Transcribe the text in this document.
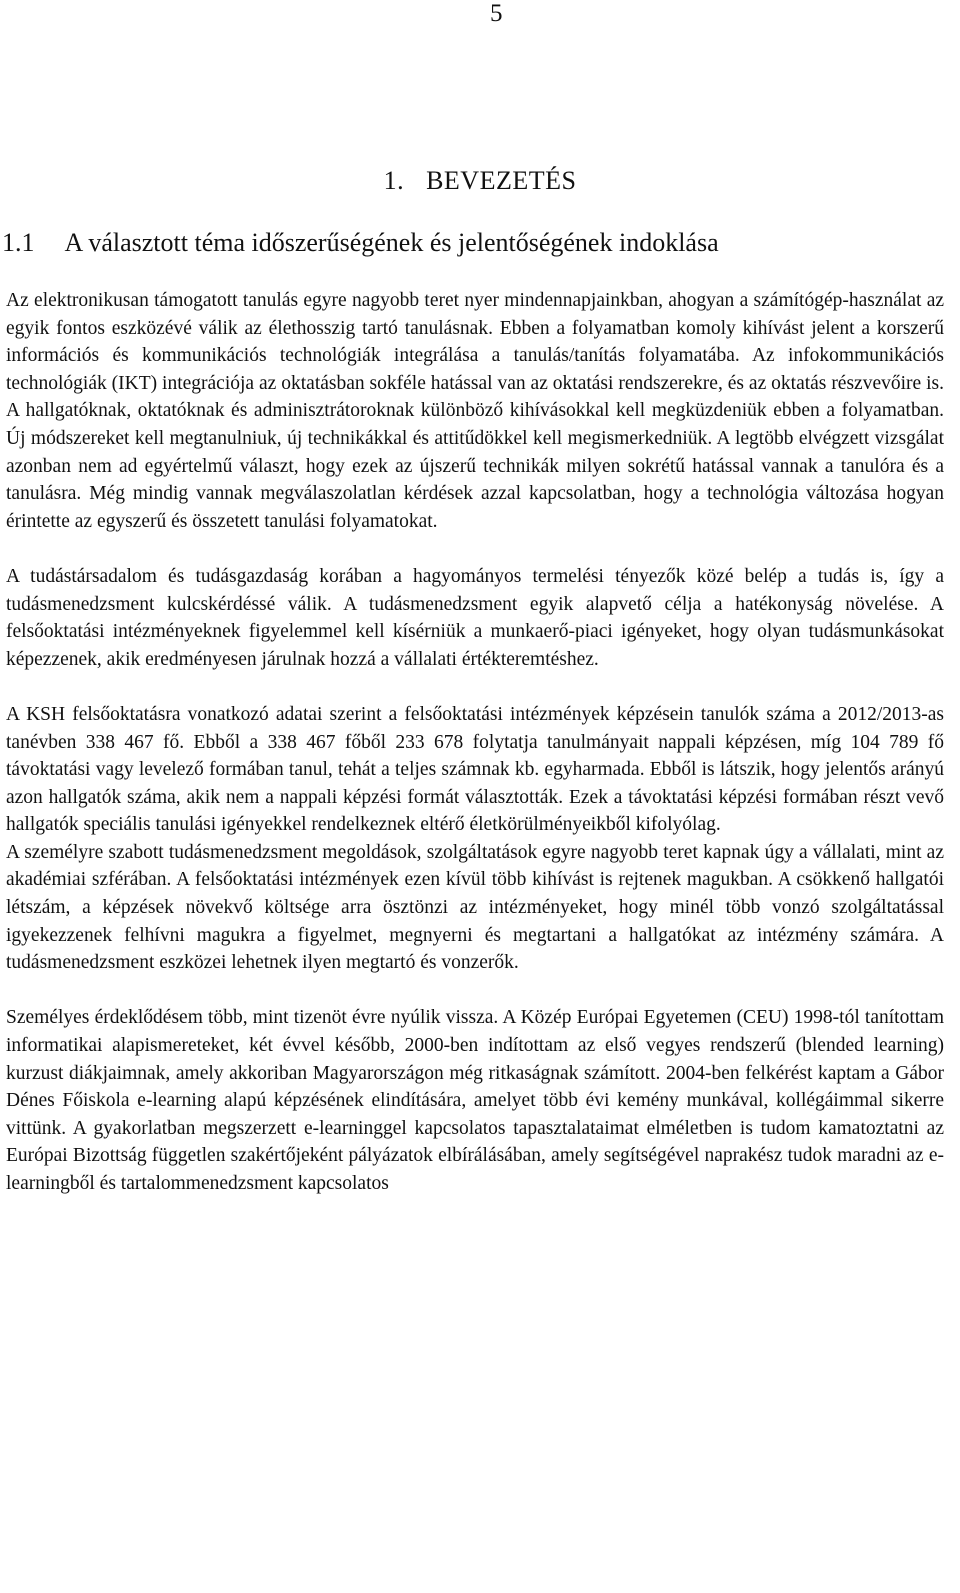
5
1. BEVEZETÉS
1.1 A választott téma időszerűségének és jelentőségének indoklása

Az elektronikusan támogatott tanulás egyre nagyobb teret nyer mindennapjainkban, ahogyan a számítógép-használat az egyik fontos eszközévé válik az élethosszig tartó tanulásnak. Ebben a folyamatban komoly kihívást jelent a korszerű információs és kommunikációs technológiák integrálása a tanulás/tanítás folyamatába. Az infokommunikációs technológiák (IKT) integrációja az oktatásban sokféle hatással van az oktatási rendszerekre, és az oktatás részvevőire is. A hallgatóknak, oktatóknak és adminisztrátoroknak különböző kihívásokkal kell megküzdeniük ebben a folyamatban. Új módszereket kell megtanulniuk, új technikákkal és attitűdökkel kell megismerkedniük. A legtöbb elvégzett vizsgálat azonban nem ad egyértelmű választ, hogy ezek az újszerű technikák milyen sokrétű hatással vannak a tanulóra és a tanulásra. Még mindig vannak megválaszolatlan kérdések azzal kapcsolatban, hogy a technológia változása hogyan érintette az egyszerű és összetett tanulási folyamatokat.

A tudástársadalom és tudásgazdaság korában a hagyományos termelési tényezők közé belép a tudás is, így a tudásmenedzsment kulcskérdéssé válik. A tudásmenedzsment egyik alapvető célja a hatékonyság növelése. A felsőoktatási intézményeknek figyelemmel kell kísérniük a munkaerő-piaci igényeket, hogy olyan tudásmunkásokat képezzenek, akik eredményesen járulnak hozzá a vállalati értékteremtéshez.

A KSH felsőoktatásra vonatkozó adatai szerint a felsőoktatási intézmények képzésein tanulók száma a 2012/2013-as tanévben 338 467 fő. Ebből a 338 467 főből 233 678 folytatja tanulmányait nappali képzésen, míg 104 789 fő távoktatási vagy levelező formában tanul, tehát a teljes számnak kb. egyharmada. Ebből is látszik, hogy jelentős arányú azon hallgatók száma, akik nem a nappali képzési formát választották. Ezek a távoktatási képzési formában részt vevő hallgatók speciális tanulási igényekkel rendelkeznek eltérő életkörülményeikből kifolyólag.

A személyre szabott tudásmenedzsment megoldások, szolgáltatások egyre nagyobb teret kapnak úgy a vállalati, mint az akadémiai szférában. A felsőoktatási intézmények ezen kívül több kihívást is rejtenek magukban. A csökkenő hallgatói létszám, a képzések növekvő költsége arra ösztönzi az intézményeket, hogy minél több vonzó szolgáltatással igyekezzenek felhívni magukra a figyelmet, megnyerni és megtartani a hallgatókat az intézmény számára. A tudásmenedzsment eszközei lehetnek ilyen megtartó és vonzerők.

Személyes érdeklődésem több, mint tizenöt évre nyúlik vissza. A Közép Európai Egyetemen (CEU) 1998-tól tanítottam informatikai alapismereteket, két évvel később, 2000-ben indítottam az első vegyes rendszerű (blended learning) kurzust diákjaimnak, amely akkoriban Magyarországon még ritkaságnak számított. 2004-ben felkérést kaptam a Gábor Dénes Főiskola e-learning alapú képzésének elindítására, amelyet több évi kemény munkával, kollégáimmal sikerre vittünk. A gyakorlatban megszerzett e-learninggel kapcsolatos tapasztalataimat elméletben is tudom kamatoztatni az Európai Bizottság független szakértőjeként pályázatok elbírálásában, amely segítségével naprakész tudok maradni az e-learningből és tartalommenedzsment kapcsolatos
